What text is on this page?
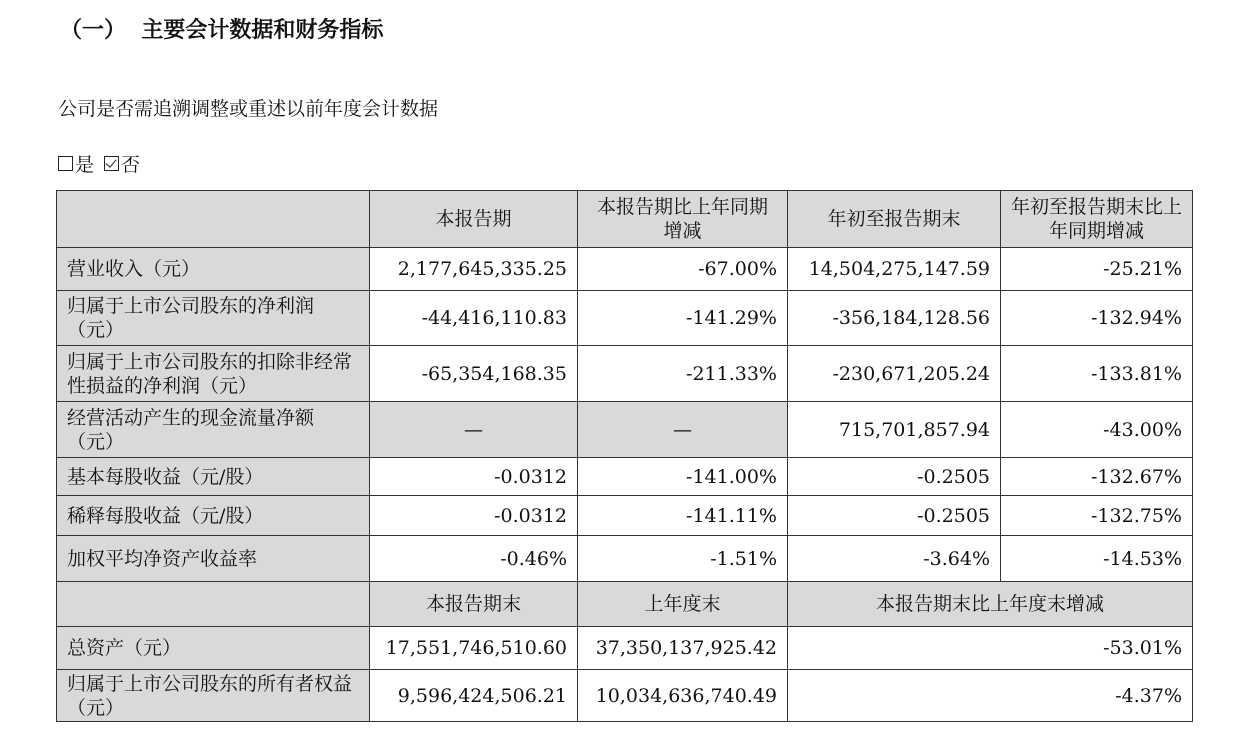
（一）  主要会计数据和财务指标
公司是否需追溯调整或重述以前年度会计数据
是 否
	本报告期	本报告期比上年同期增减	年初至报告期末	年初至报告期末比上年同期增减
营业收入（元）	2,177,645,335.25	-67.00%	14,504,275,147.59	-25.21%
归属于上市公司股东的净利润（元）	-44,416,110.83	-141.29%	-356,184,128.56	-132.94%
归属于上市公司股东的扣除非经常性损益的净利润（元）	-65,354,168.35	-211.33%	-230,671,205.24	-133.81%
经营活动产生的现金流量净额（元）	—	—	715,701,857.94	-43.00%
基本每股收益（元/股）	-0.0312	-141.00%	-0.2505	-132.67%
稀释每股收益（元/股）	-0.0312	-141.11%	-0.2505	-132.75%
加权平均净资产收益率	-0.46%	-1.51%	-3.64%	-14.53%
	本报告期末	上年度末	本报告期末比上年度末增减	
总资产（元）	17,551,746,510.60	37,350,137,925.42	-53.01%	
归属于上市公司股东的所有者权益（元）	9,596,424,506.21	10,034,636,740.49	-4.37%	
